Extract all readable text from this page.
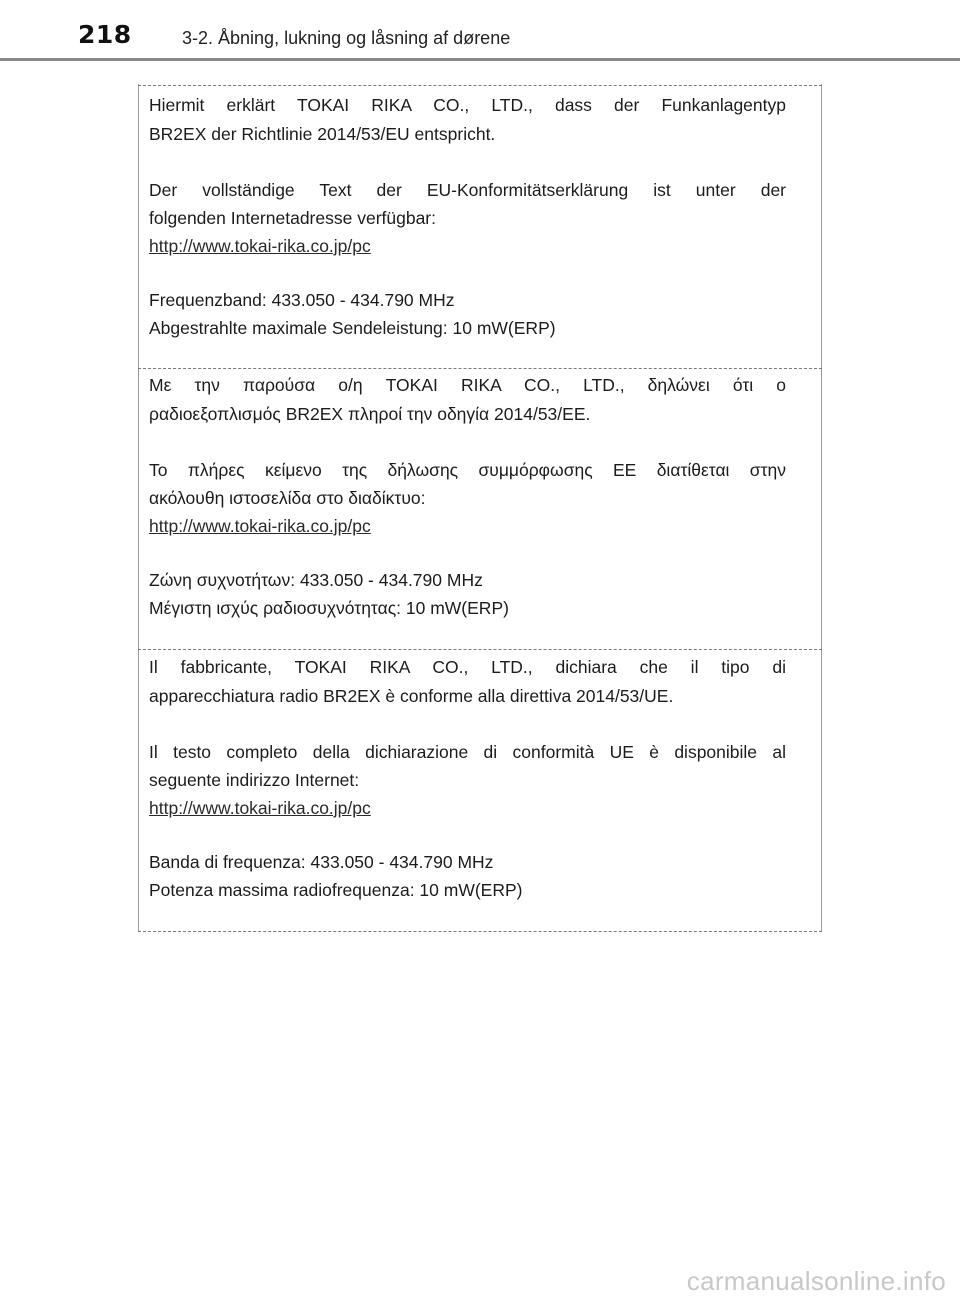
218	3-2. Åbning, lukning og låsning af dørene
Hiermit erklärt TOKAI RIKA CO., LTD., dass der Funkanlagentyp
BR2EX der Richtlinie 2014/53/EU entspricht.
Der vollständige Text der EU-Konformitätserklärung ist unter der
folgenden Internetadresse verfügbar:
http://www.tokai-rika.co.jp/pc
Frequenzband: 433.050 - 434.790 MHz
Abgestrahlte maximale Sendeleistung: 10 mW(ERP)
Με την παρούσα ο/η TOKAI RIKA CO., LTD., δηλώνει ότι ο
ραδιοεξοπλισμός BR2EX πληροί την οδηγία 2014/53/ΕΕ.
Το πλήρες κείμενο της δήλωσης συμμόρφωσης ΕΕ διατίθεται στην
ακόλουθη ιστοσελίδα στο διαδίκτυο:
http://www.tokai-rika.co.jp/pc
Ζώνη συχνοτήτων: 433.050 - 434.790 MHz
Μέγιστη ισχύς ραδιοσυχνότητας: 10 mW(ERP)
Il fabbricante, TOKAI RIKA CO., LTD., dichiara che il tipo di
apparecchiatura radio BR2EX è conforme alla direttiva 2014/53/UE.
Il testo completo della dichiarazione di conformità UE è disponibile al
seguente indirizzo Internet:
http://www.tokai-rika.co.jp/pc
Banda di frequenza: 433.050 - 434.790 MHz
Potenza massima radiofrequenza: 10 mW(ERP)
carmanualsonline.info
